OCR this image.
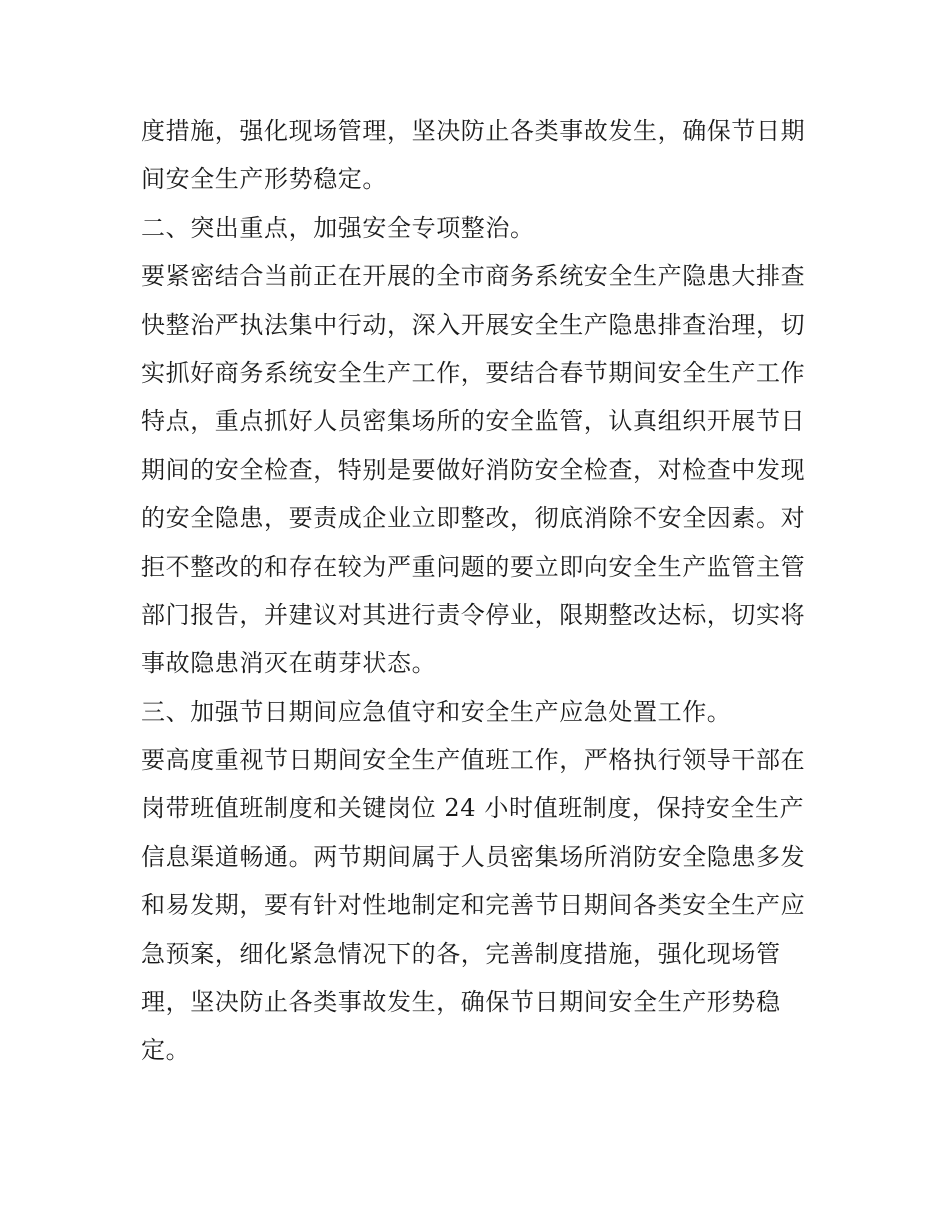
度措施，强化现场管理，坚决防止各类事故发生，确保节日期
间安全生产形势稳定。
二、突出重点，加强安全专项整治。
要紧密结合当前正在开展的全市商务系统安全生产隐患大排查
快整治严执法集中行动，深入开展安全生产隐患排查治理，切
实抓好商务系统安全生产工作，要结合春节期间安全生产工作
特点，重点抓好人员密集场所的安全监管，认真组织开展节日
期间的安全检查，特别是要做好消防安全检查，对检查中发现
的安全隐患，要责成企业立即整改，彻底消除不安全因素。对
拒不整改的和存在较为严重问题的要立即向安全生产监管主管
部门报告，并建议对其进行责令停业，限期整改达标，切实将
事故隐患消灭在萌芽状态。
三、加强节日期间应急值守和安全生产应急处置工作。
要高度重视节日期间安全生产值班工作，严格执行领导干部在
岗带班值班制度和关键岗位 24 小时值班制度，保持安全生产
信息渠道畅通。两节期间属于人员密集场所消防安全隐患多发
和易发期，要有针对性地制定和完善节日期间各类安全生产应
急预案，细化紧急情况下的各，完善制度措施，强化现场管
理，坚决防止各类事故发生，确保节日期间安全生产形势稳
定。
